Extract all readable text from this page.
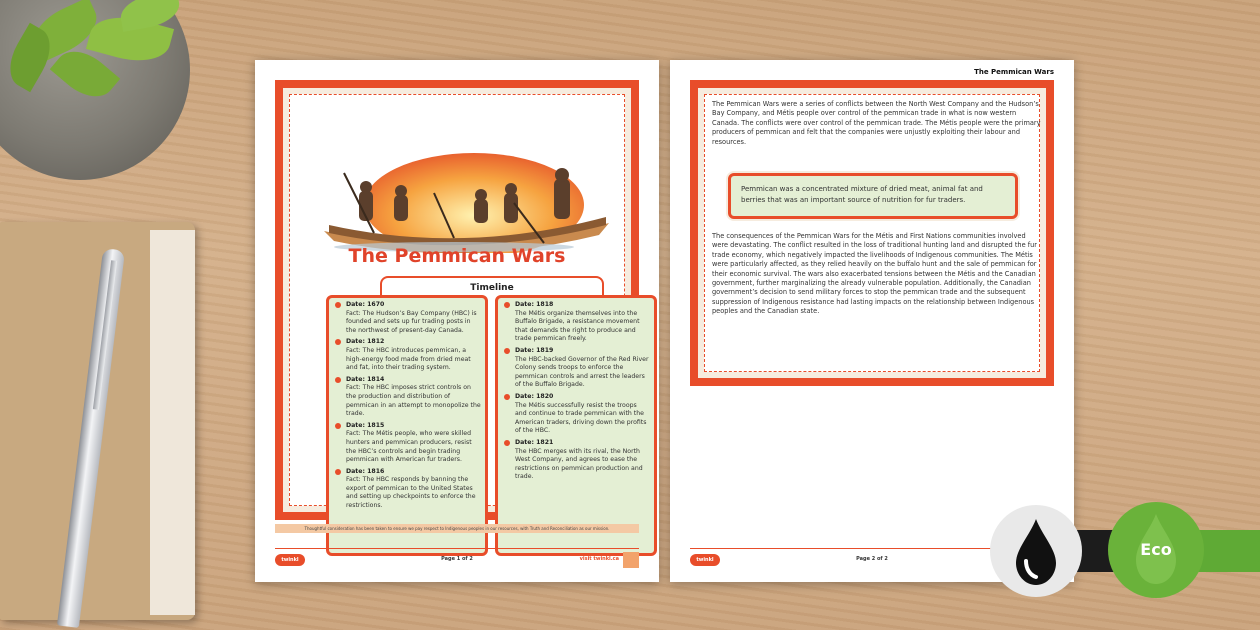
The Pemmican Wars
Timeline
Date: 1670
Fact: The Hudson’s Bay Company (HBC) is founded and sets up fur trading posts in the northwest of present-day Canada.
Date: 1812
Fact: The HBC introduces pemmican, a high-energy food made from dried meat and fat, into their trading system.
Date: 1814
Fact: The HBC imposes strict controls on the production and distribution of pemmican in an attempt to monopolize the trade.
Date: 1815
Fact: The Métis people, who were skilled hunters and pemmican producers, resist the HBC’s controls and begin trading pemmican with American fur traders.
Date: 1816
Fact: The HBC responds by banning the export of pemmican to the United States and setting up checkpoints to enforce the restrictions.
Date: 1818
The Métis organize themselves into the Buffalo Brigade, a resistance movement that demands the right to produce and trade pemmican freely.
Date: 1819
The HBC-backed Governor of the Red River Colony sends troops to enforce the pemmican controls and arrest the leaders of the Buffalo Brigade.
Date: 1820
The Métis successfully resist the troops and continue to trade pemmican with the American traders, driving down the profits of the HBC.
Date: 1821
The HBC merges with its rival, the North West Company, and agrees to ease the restrictions on pemmican production and trade.
Thoughtful consideration has been taken to ensure we pay respect to Indigenous peoples in our resources, with Truth and Reconciliation as our mission.
twinkl	Page 1 of 2	visit twinkl.ca
The Pemmican Wars
The Pemmican Wars were a series of conflicts between the North West Company and the Hudson’s Bay Company, and Métis people over control of the pemmican trade in what is now western Canada. The conflicts were over control of the pemmican trade. The Métis people were the primary producers of pemmican and felt that the companies were unjustly exploiting their labour and resources.
Pemmican was a concentrated mixture of dried meat, animal fat and berries that was an important source of nutrition for fur traders.
The consequences of the Pemmican Wars for the Métis and First Nations communities involved were devastating. The conflict resulted in the loss of traditional hunting land and disrupted the fur trade economy, which negatively impacted the livelihoods of Indigenous communities. The Métis were particularly affected, as they relied heavily on the buffalo hunt and the sale of pemmican for their economic survival. The wars also exacerbated tensions between the Métis and the Canadian government, further marginalizing the already vulnerable population. Additionally, the Canadian government’s decision to send military forces to stop the pemmican trade and the subsequent suppression of Indigenous resistance had lasting impacts on the relationship between Indigenous peoples and the Canadian state.
twinkl	Page 2 of 2	Eco
